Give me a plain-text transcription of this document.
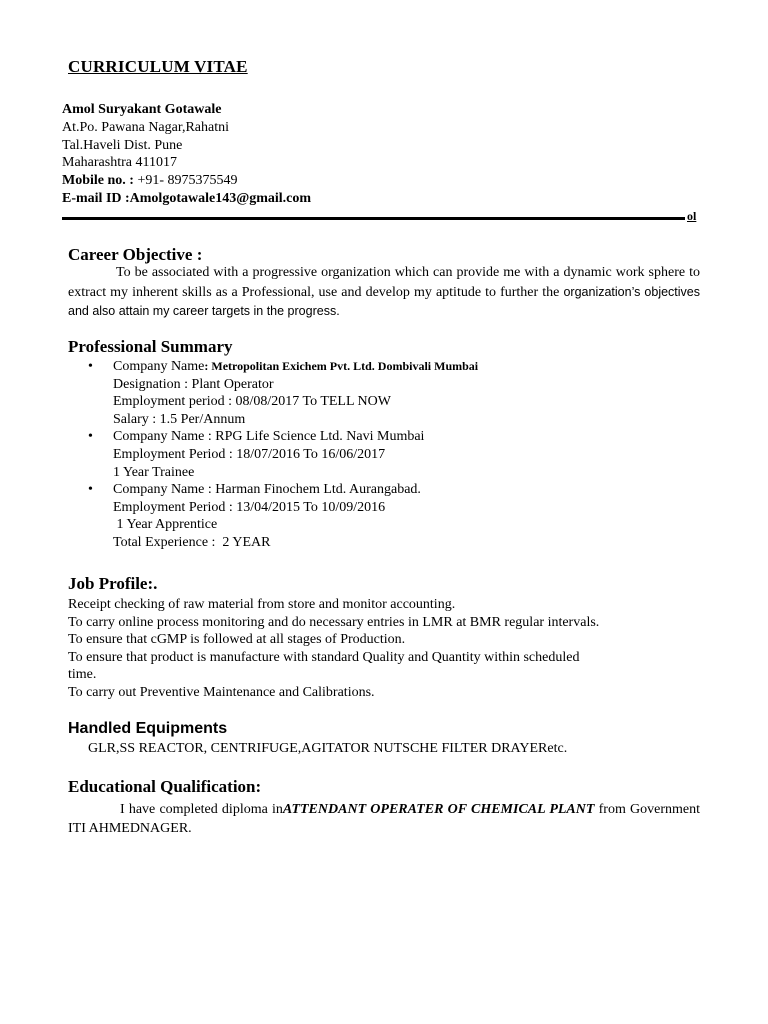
CURRICULUM VITAE
Amol Suryakant Gotawale
At.Po. Pawana Nagar,Rahatni
Tal.Haveli Dist. Pune
Maharashtra 411017
Mobile no. : +91- 8975375549
E-mail ID :Amolgotawale143@gmail.com
ol
Career Objective :
To be associated with a progressive organization which can provide me with a dynamic work sphere to extract my inherent skills as a Professional, use and develop my aptitude to further the organization’s objectives and also attain my career targets in the progress.
Professional Summary
• Company Name: Metropolitan Exichem Pvt. Ltd. Dombivali Mumbai
Designation : Plant Operator
Employment period : 08/08/2017 To TELL NOW
Salary : 1.5 Per/Annum
• Company Name : RPG Life Science Ltd. Navi Mumbai
Employment Period : 18/07/2016 To 16/06/2017
1 Year Trainee
• Company Name : Harman Finochem Ltd. Aurangabad.
Employment Period : 13/04/2015 To 10/09/2016
1 Year Apprentice
Total Experience :  2 YEAR
Job Profile:.
Receipt checking of raw material from store and monitor accounting.
To carry online process monitoring and do necessary entries in LMR at BMR regular intervals.
To ensure that cGMP is followed at all stages of Production.
To ensure that product is manufacture with standard Quality and Quantity within scheduled
time.
To carry out Preventive Maintenance and Calibrations.
Handled Equipments
GLR,SS REACTOR, CENTRIFUGE,AGITATOR NUTSCHE FILTER DRAYERetc.
Educational Qualification:
I have completed diploma inATTENDANT OPERATER OF CHEMICAL PLANT from Government ITI AHMEDNAGER.
